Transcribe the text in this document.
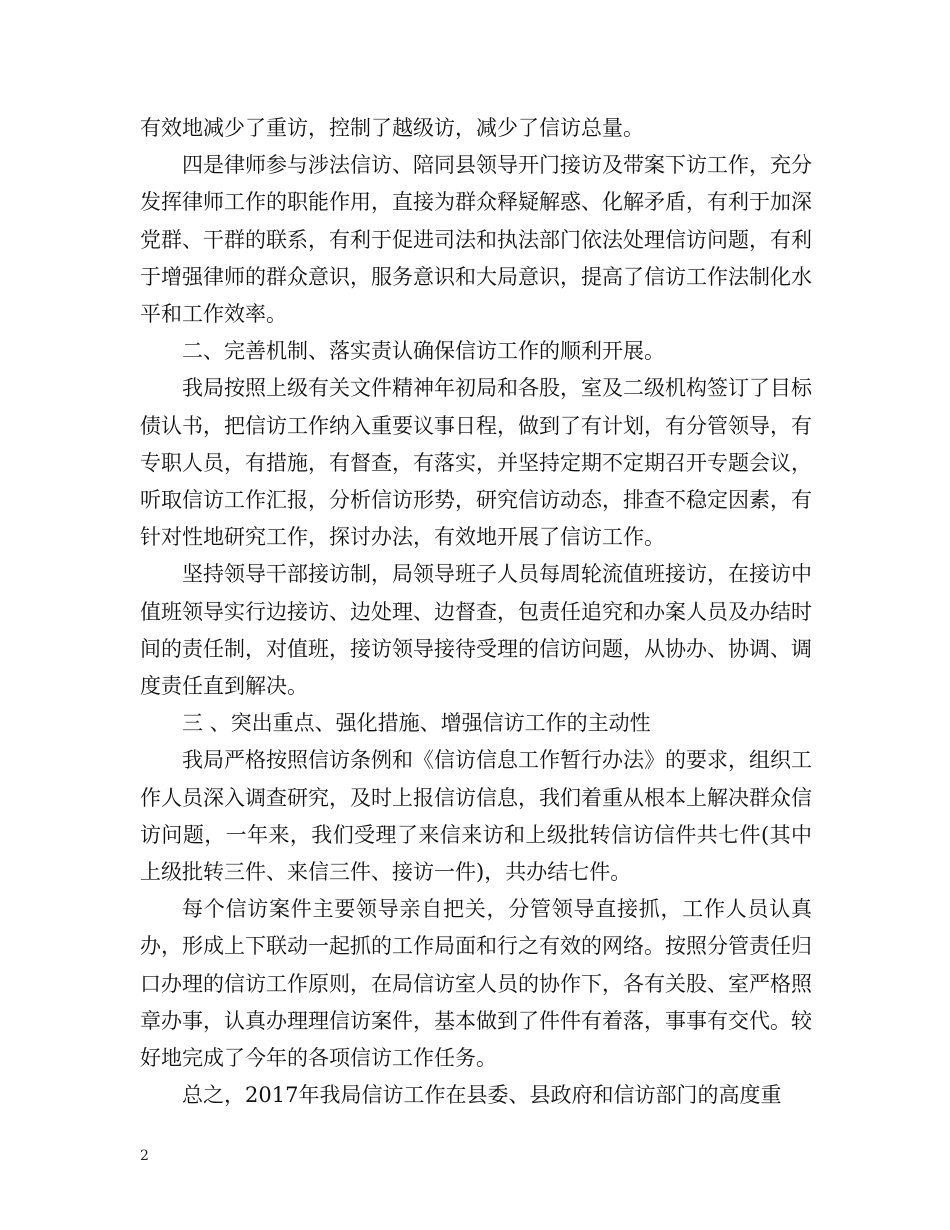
有效地减少了重访，控制了越级访，减少了信访总量。

四是律师参与涉法信访、陪同县领导开门接访及带案下访工作，充分发挥律师工作的职能作用，直接为群众释疑解惑、化解矛盾，有利于加深党群、干群的联系，有利于促进司法和执法部门依法处理信访问题，有利于增强律师的群众意识，服务意识和大局意识，提高了信访工作法制化水平和工作效率。

二、完善机制、落实责认确保信访工作的顺利开展。

我局按照上级有关文件精神年初局和各股，室及二级机构签订了目标债认书，把信访工作纳入重要议事日程，做到了有计划，有分管领导，有专职人员，有措施，有督查，有落实，并坚持定期不定期召开专题会议，听取信访工作汇报，分析信访形势，研究信访动态，排查不稳定因素，有针对性地研究工作，探讨办法，有效地开展了信访工作。

坚持领导干部接访制，局领导班子人员每周轮流值班接访，在接访中值班领导实行边接访、边处理、边督查，包责任追究和办案人员及办结时间的责任制，对值班，接访领导接待受理的信访问题，从协办、协调、调度责任直到解决。

三 、突出重点、强化措施、增强信访工作的主动性

我局严格按照信访条例和《信访信息工作暂行办法》的要求，组织工作人员深入调查研究，及时上报信访信息，我们着重从根本上解决群众信访问题，一年来，我们受理了来信来访和上级批转信访信件共七件(其中上级批转三件、来信三件、接访一件)，共办结七件。

每个信访案件主要领导亲自把关，分管领导直接抓，工作人员认真办，形成上下联动一起抓的工作局面和行之有效的网络。按照分管责任归口办理的信访工作原则，在局信访室人员的协作下，各有关股、室严格照章办事，认真办理理信访案件，基本做到了件件有着落，事事有交代。较好地完成了今年的各项信访工作任务。

总之，2017年我局信访工作在县委、县政府和信访部门的高度重

2
